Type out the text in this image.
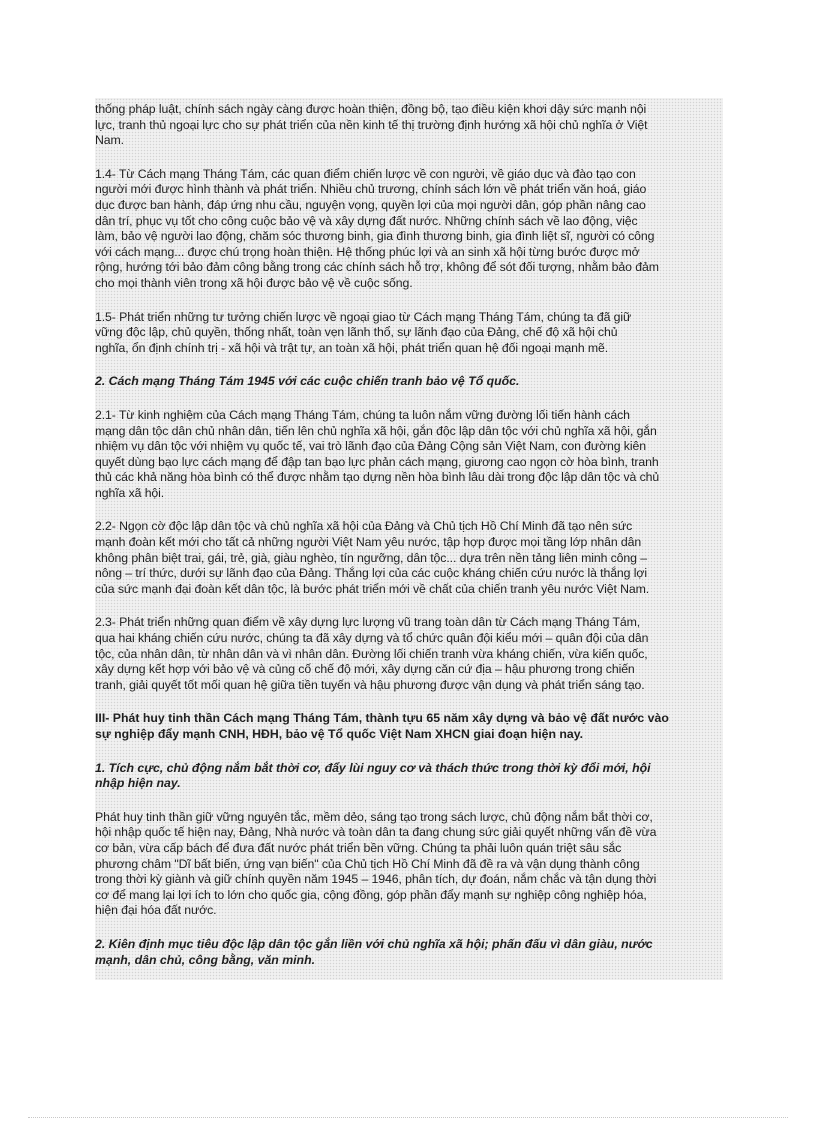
thống pháp luật, chính sách ngày càng được hoàn thiện, đồng bộ, tạo điều kiện khơi dậy sức mạnh nội
lực, tranh thủ ngoại lực cho sự phát triển của nền kinh tế thị trường định hướng xã hội chủ nghĩa ở Việt
Nam.

1.4- Từ Cách mạng Tháng Tám, các quan điểm chiến lược về con người, về giáo dục và đào tạo con
người mới được hình thành và phát triển. Nhiều chủ trương, chính sách lớn về phát triển văn hoá, giáo
dục được ban hành, đáp ứng nhu cầu, nguyện vọng, quyền lợi của mọi người dân, góp phần nâng cao
dân trí, phục vụ tốt cho công cuộc bảo vệ và xây dựng đất nước. Những chính sách về lao động, việc
làm, bảo vệ người lao động, chăm sóc thương binh, gia đình thương binh, gia đình liệt sĩ, người có công
với cách mạng... được chú trọng hoàn thiện. Hệ thống phúc lợi và an sinh xã hội từng bước được mở
rộng, hướng tới bảo đảm công bằng trong các chính sách hỗ trợ, không để sót đối tượng, nhằm bảo đảm
cho mọi thành viên trong xã hội được bảo vệ về cuộc sống.

1.5- Phát triển những tư tưởng chiến lược về ngoại giao từ Cách mạng Tháng Tám, chúng ta đã giữ
vững độc lập, chủ quyền, thống nhất, toàn vẹn lãnh thổ, sự lãnh đạo của Đảng, chế độ xã hội chủ
nghĩa, ổn định chính trị - xã hội và trật tự, an toàn xã hội, phát triển quan hệ đối ngoại mạnh mẽ.

2. Cách mạng Tháng Tám 1945 với các cuộc chiến tranh bảo vệ Tổ quốc.

2.1- Từ kinh nghiệm của Cách mạng Tháng Tám, chúng ta luôn nắm vững đường lối tiến hành cách
mạng dân tộc dân chủ nhân dân, tiến lên chủ nghĩa xã hội, gắn độc lập dân tộc với chủ nghĩa xã hội, gắn
nhiệm vụ dân tộc với nhiệm vụ quốc tế, vai trò lãnh đạo của Đảng Cộng sản Việt Nam, con đường kiên
quyết dùng bạo lực cách mạng để đập tan bạo lực phản cách mạng, giương cao ngọn cờ hòa bình, tranh
thủ các khả năng hòa bình có thể được nhằm tạo dựng nền hòa bình lâu dài trong độc lập dân tộc và chủ
nghĩa xã hội.

2.2- Ngọn cờ độc lập dân tộc và chủ nghĩa xã hội của Đảng và Chủ tịch Hồ Chí Minh đã tạo nên sức
mạnh đoàn kết mới cho tất cả những người Việt Nam yêu nước, tập hợp được mọi tầng lớp nhân dân
không phân biệt trai, gái, trẻ, già, giàu nghèo, tín ngưỡng, dân tộc... dựa trên nền tảng liên minh công –
nông – trí thức, dưới sự lãnh đạo của Đảng. Thắng lợi của các cuộc kháng chiến cứu nước là thắng lợi
của sức mạnh đại đoàn kết dân tộc, là bước phát triển mới về chất của chiến tranh yêu nước Việt Nam.

2.3- Phát triển những quan điểm về xây dựng lực lượng vũ trang toàn dân từ Cách mạng Tháng Tám,
qua hai kháng chiến cứu nước, chúng ta đã xây dựng và tổ chức quân đội kiểu mới – quân đội của dân
tộc, của nhân dân, từ nhân dân và vì nhân dân. Đường lối chiến tranh vừa kháng chiến, vừa kiến quốc,
xây dựng kết hợp với bảo vệ và củng cố chế độ mới, xây dựng căn cứ địa – hậu phương trong chiến
tranh, giải quyết tốt mối quan hệ giữa tiền tuyến và hậu phương được vận dụng và phát triển sáng tạo.

III- Phát huy tinh thần Cách mạng Tháng Tám, thành tựu 65 năm xây dựng và bảo vệ đất nước vào
sự nghiệp đẩy mạnh CNH, HĐH, bảo vệ Tổ quốc Việt Nam XHCN giai đoạn hiện nay.

1. Tích cực, chủ động nắm bắt thời cơ, đẩy lùi nguy cơ và thách thức trong thời kỳ đổi mới, hội
nhập hiện nay.

Phát huy tinh thần giữ vững nguyên tắc, mềm dẻo, sáng tạo trong sách lược, chủ động nắm bắt thời cơ,
hội nhập quốc tế hiện nay, Đảng, Nhà nước và toàn dân ta đang chung sức giải quyết những vấn đề vừa
cơ bản, vừa cấp bách để đưa đất nước phát triển bền vững. Chúng ta phải luôn quán triệt sâu sắc
phương châm "Dĩ bất biến, ứng vạn biến" của Chủ tịch Hồ Chí Minh đã đề ra và vận dụng thành công
trong thời kỳ giành và giữ chính quyền năm 1945 – 1946, phân tích, dự đoán, nắm chắc và tận dụng thời
cơ để mang lại lợi ích to lớn cho quốc gia, cộng đồng, góp phần đẩy mạnh sự nghiệp công nghiệp hóa,
hiện đại hóa đất nước.

2. Kiên định mục tiêu độc lập dân tộc gắn liền với chủ nghĩa xã hội; phấn đấu vì dân giàu, nước
mạnh, dân chủ, công bằng, văn minh.
